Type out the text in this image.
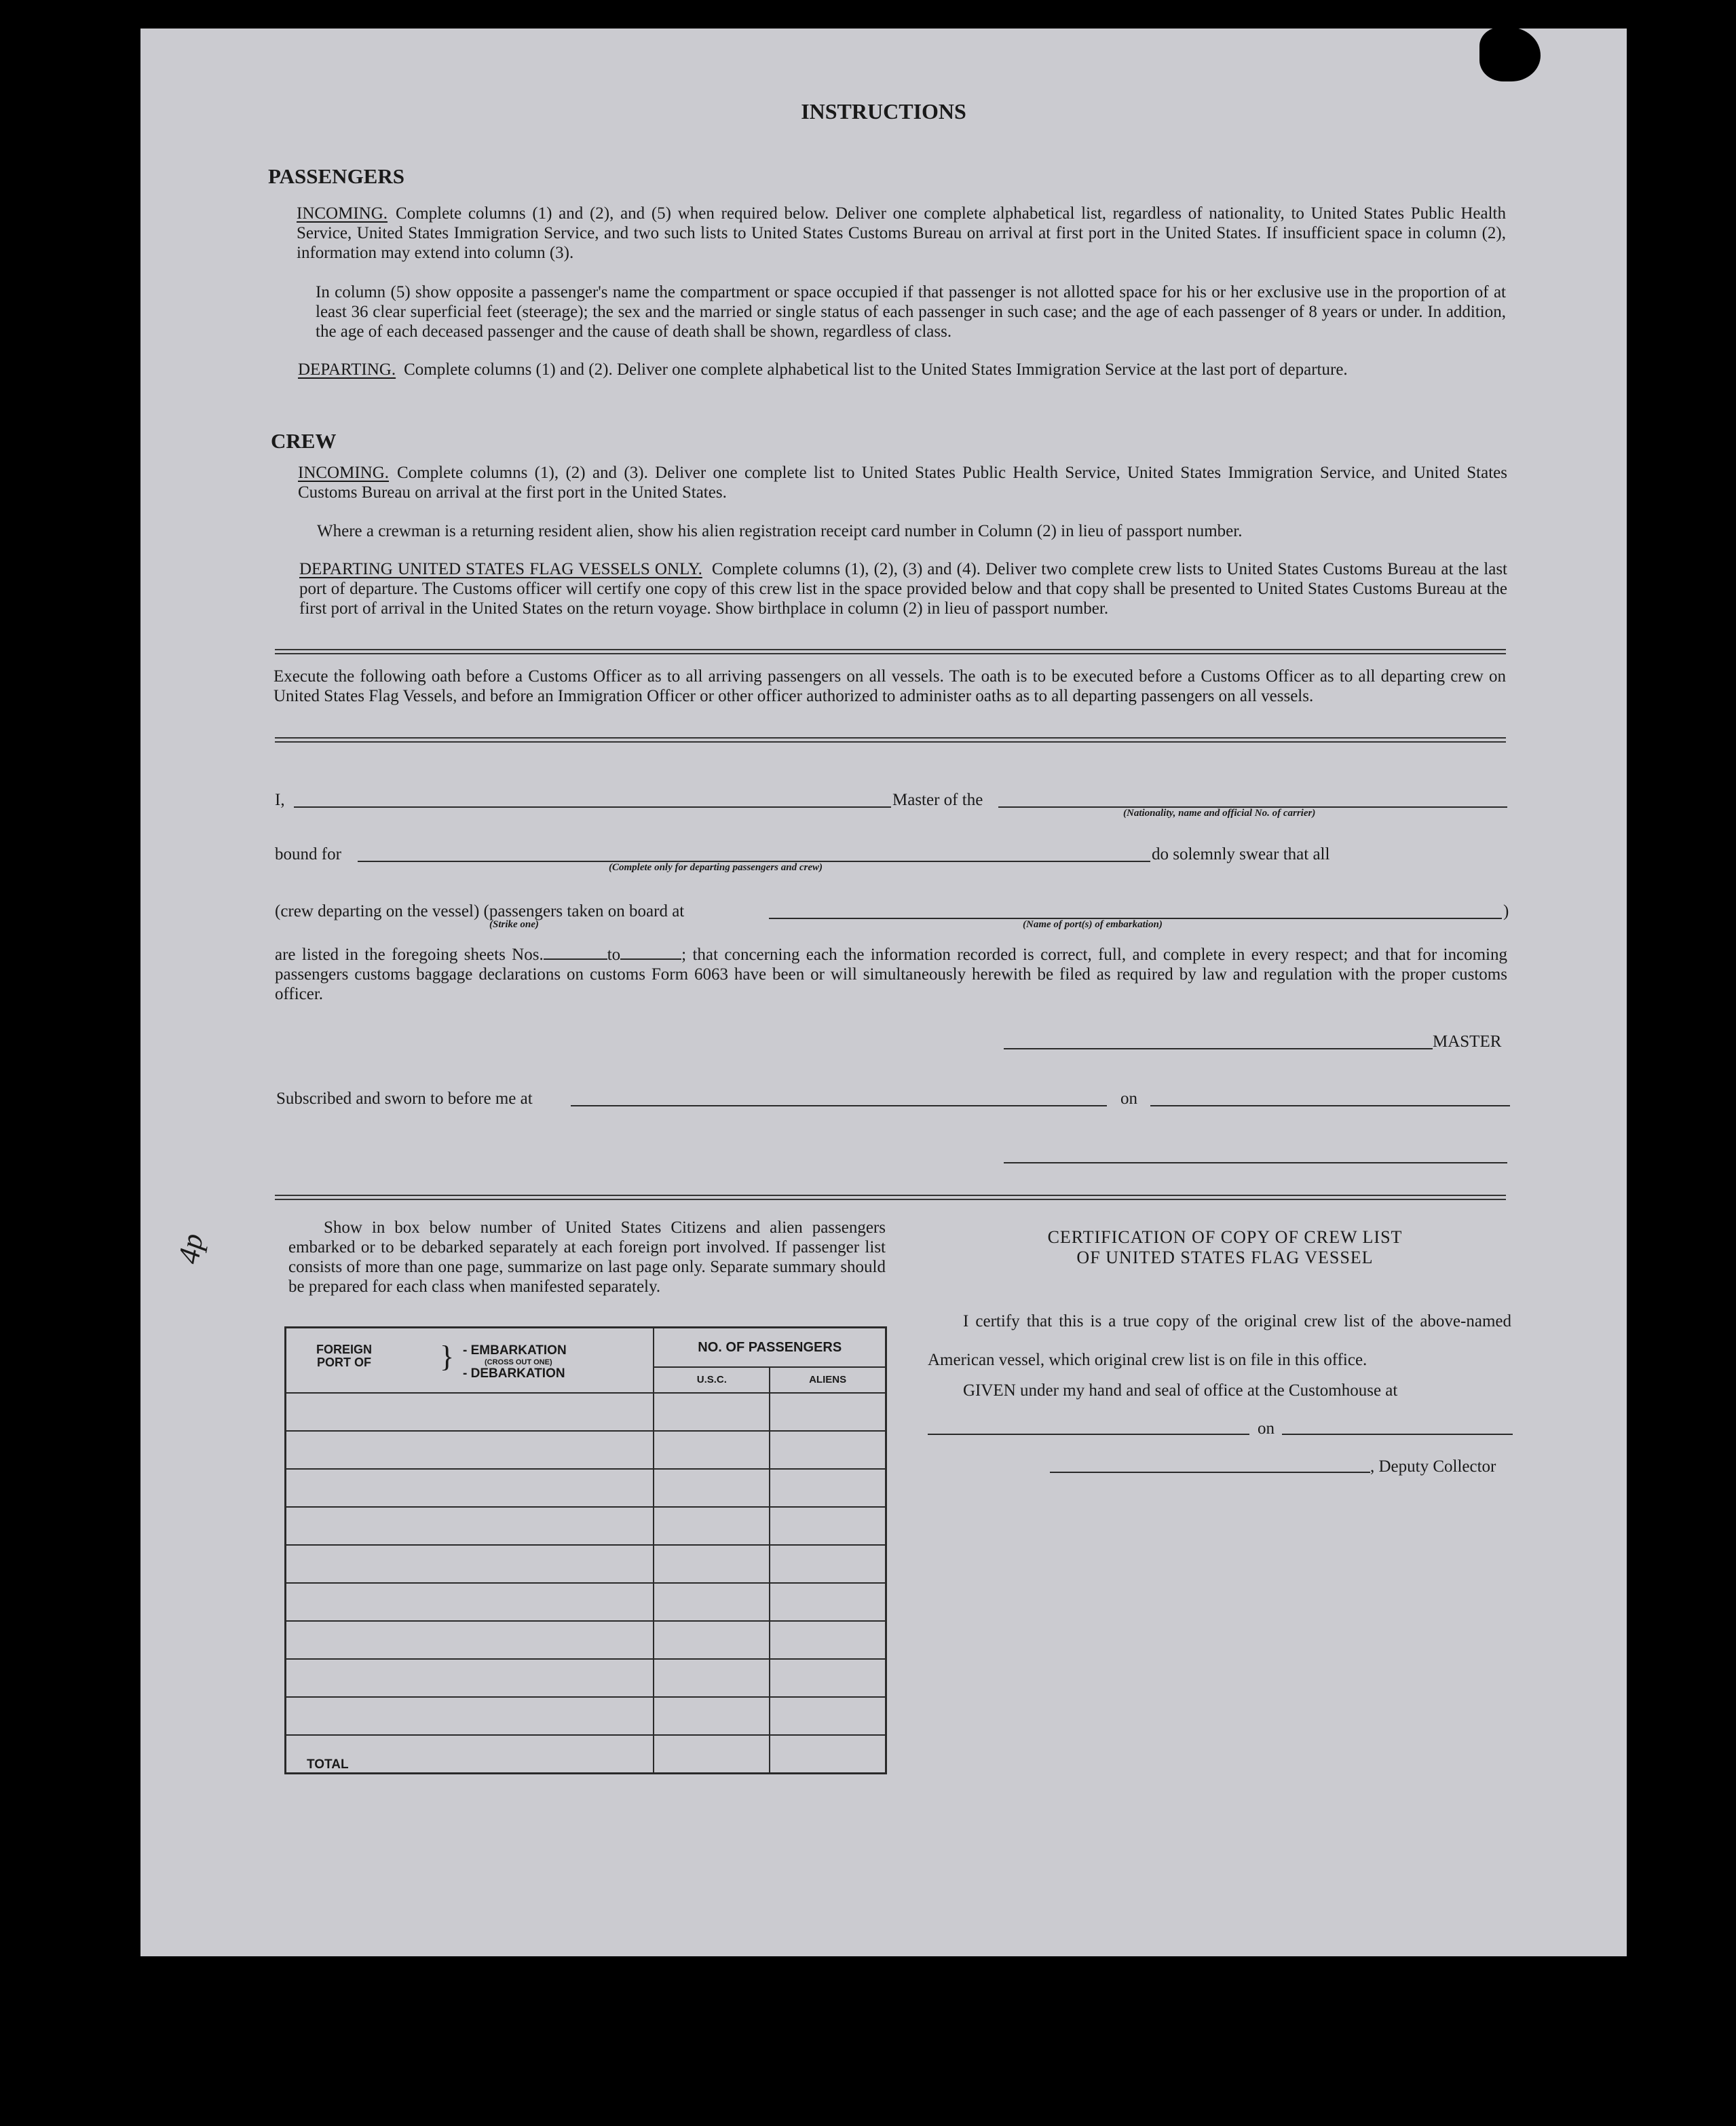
INSTRUCTIONS
PASSENGERS
INCOMING. Complete columns (1) and (2), and (5) when required below. Deliver one complete alphabetical list, regardless of nationality, to United States Public Health Service, United States Immigration Service, and two such lists to United States Customs Bureau on arrival at first port in the United States. If insufficient space in column (2), information may extend into column (3).
In column (5) show opposite a passenger's name the compartment or space occupied if that passenger is not allotted space for his or her exclusive use in the proportion of at least 36 clear superficial feet (steerage); the sex and the married or single status of each passenger in such case; and the age of each passenger of 8 years or under. In addition, the age of each deceased passenger and the cause of death shall be shown, regardless of class.
DEPARTING. Complete columns (1) and (2). Deliver one complete alphabetical list to the United States Immigration Service at the last port of departure.
CREW
INCOMING. Complete columns (1), (2) and (3). Deliver one complete list to United States Public Health Service, United States Immigration Service, and United States Customs Bureau on arrival at the first port in the United States.
Where a crewman is a returning resident alien, show his alien registration receipt card number in Column (2) in lieu of passport number.
DEPARTING UNITED STATES FLAG VESSELS ONLY. Complete columns (1), (2), (3) and (4). Deliver two complete crew lists to United States Customs Bureau at the last port of departure. The Customs officer will certify one copy of this crew list in the space provided below and that copy shall be presented to United States Customs Bureau at the first port of arrival in the United States on the return voyage. Show birthplace in column (2) in lieu of passport number.
Execute the following oath before a Customs Officer as to all arriving passengers on all vessels. The oath is to be executed before a Customs Officer as to all departing crew on United States Flag Vessels, and before an Immigration Officer or other officer authorized to administer oaths as to all departing passengers on all vessels.
I,	Master of the
(Nationality, name and official No. of carrier)
bound for	do solemnly swear that all
(Complete only for departing passengers and crew)
(crew departing on the vessel) (passengers taken on board at	)
(Strike one)	(Name of port(s) of embarkation)
are listed in the foregoing sheets Nos.	to	; that concerning each the information recorded is correct, full, and complete in every respect; and that for incoming passengers customs baggage declarations on customs Form 6063 have been or will simultaneously herewith be filed as required by law and regulation with the proper customs officer.
MASTER
Subscribed and sworn to before me at	on
Show in box below number of United States Citizens and alien passengers embarked or to be debarked separately at each foreign port involved. If passenger list consists of more than one page, summarize on last page only. Separate summary should be prepared for each class when manifested separately.
FOREIGN PORT OF } - EMBARKATION
(CROSS OUT ONE)
- DEBARKATION	NO. OF PASSENGERS	
	U.S.C.	ALIENS

TOTAL		
CERTIFICATION OF COPY OF CREW LIST
OF UNITED STATES FLAG VESSEL
I certify that this is a true copy of the original crew list of the above-named American vessel, which original crew list is on file in this office.
GIVEN under my hand and seal of office at the Customhouse at
on
, Deputy Collector
4p
